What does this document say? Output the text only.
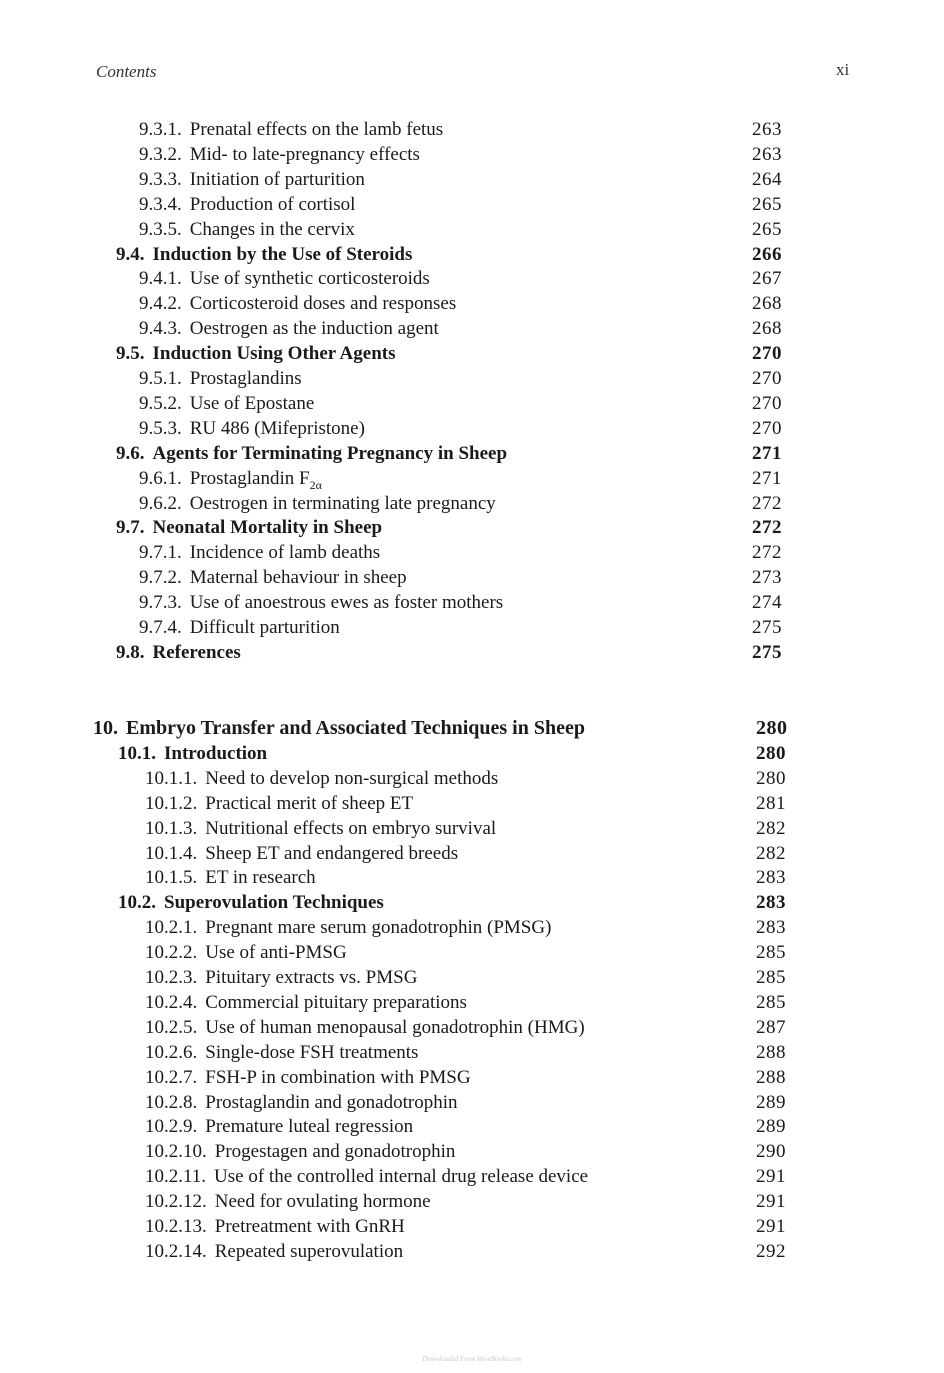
Contents	xi
9.3.1. Prenatal effects on the lamb fetus	263
9.3.2. Mid- to late-pregnancy effects	263
9.3.3. Initiation of parturition	264
9.3.4. Production of cortisol	265
9.3.5. Changes in the cervix	265
9.4. Induction by the Use of Steroids	266
9.4.1. Use of synthetic corticosteroids	267
9.4.2. Corticosteroid doses and responses	268
9.4.3. Oestrogen as the induction agent	268
9.5. Induction Using Other Agents	270
9.5.1. Prostaglandins	270
9.5.2. Use of Epostane	270
9.5.3. RU 486 (Mifepristone)	270
9.6. Agents for Terminating Pregnancy in Sheep	271
9.6.1. Prostaglandin $F_{2\alpha}$	271
9.6.2. Oestrogen in terminating late pregnancy	272
9.7. Neonatal Mortality in Sheep	272
9.7.1. Incidence of lamb deaths	272
9.7.2. Maternal behaviour in sheep	273
9.7.3. Use of anoestrous ewes as foster mothers	274
9.7.4. Difficult parturition	275
9.8. References	275
10. Embryo Transfer and Associated Techniques in Sheep	280
10.1. Introduction	280
10.1.1. Need to develop non-surgical methods	280
10.1.2. Practical merit of sheep ET	281
10.1.3. Nutritional effects on embryo survival	282
10.1.4. Sheep ET and endangered breeds	282
10.1.5. ET in research	283
10.2. Superovulation Techniques	283
10.2.1. Pregnant mare serum gonadotrophin (PMSG)	283
10.2.2. Use of anti-PMSG	285
10.2.3. Pituitary extracts vs. PMSG	285
10.2.4. Commercial pituitary preparations	285
10.2.5. Use of human menopausal gonadotrophin (HMG)	287
10.2.6. Single-dose FSH treatments	288
10.2.7. FSH-P in combination with PMSG	288
10.2.8. Prostaglandin and gonadotrophin	289
10.2.9. Premature luteal regression	289
10.2.10. Progestagen and gonadotrophin	290
10.2.11. Use of the controlled internal drug release device	291
10.2.12. Need for ovulating hormone	291
10.2.13. Pretreatment with GnRH	291
10.2.14. Repeated superovulation	292
Downloaded From Vet-eBooks.com
